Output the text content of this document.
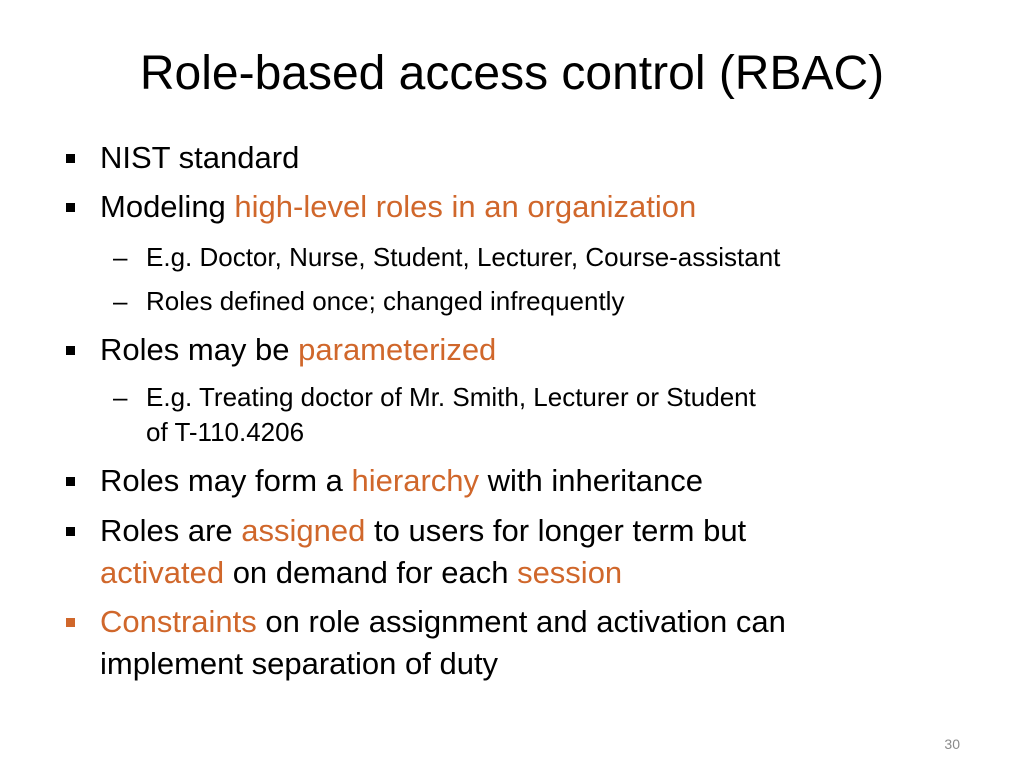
Role-based access control (RBAC)
NIST standard
Modeling high-level roles in an organization
– E.g. Doctor, Nurse, Student, Lecturer, Course-assistant
– Roles defined once; changed infrequently
Roles may be parameterized
– E.g. Treating doctor of Mr. Smith, Lecturer or Student
of T-110.4206
Roles may form a hierarchy with inheritance
Roles are assigned to users for longer term but
activated on demand for each session
Constraints on role assignment and activation can
implement separation of duty
30
